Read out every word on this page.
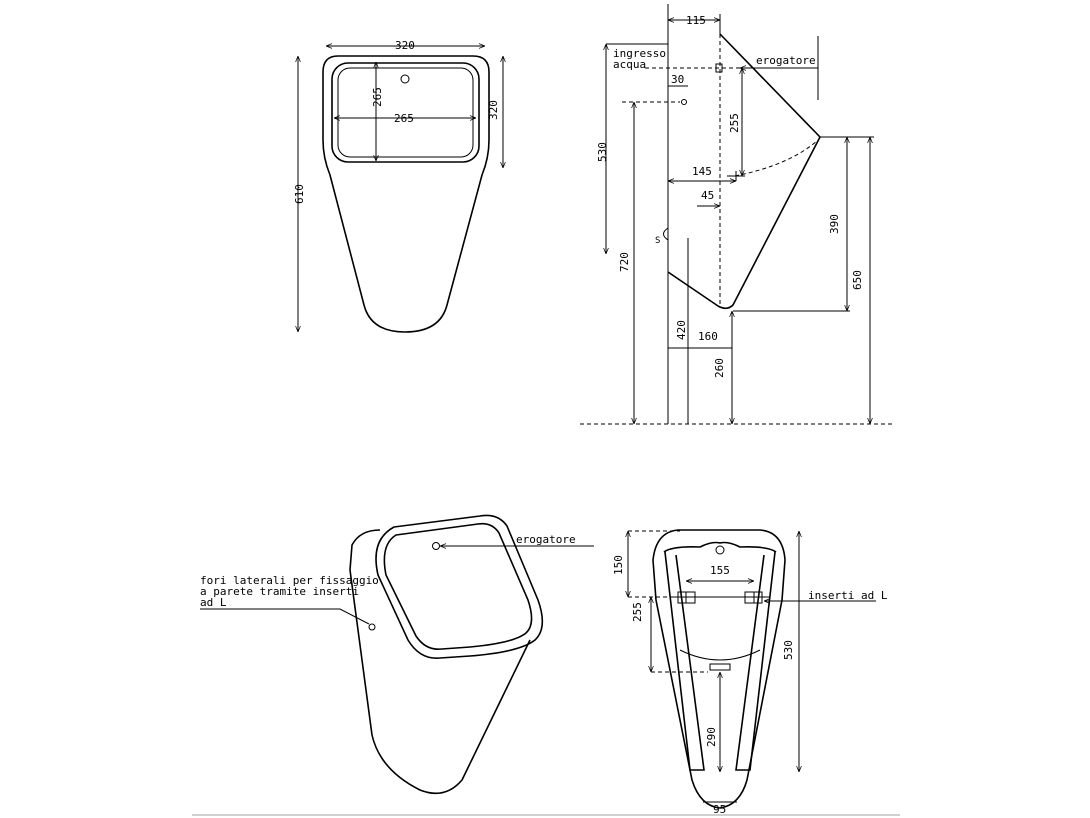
320
265
265
320
610
S
ingresso
acqua	erogatore
115
30
255
145
45
530
720
390
650
420 160
260
erogatore
fori laterali per fissaggio
a parete tramite inserti
ad L
155
inserti ad L
150
255
530
290
95
